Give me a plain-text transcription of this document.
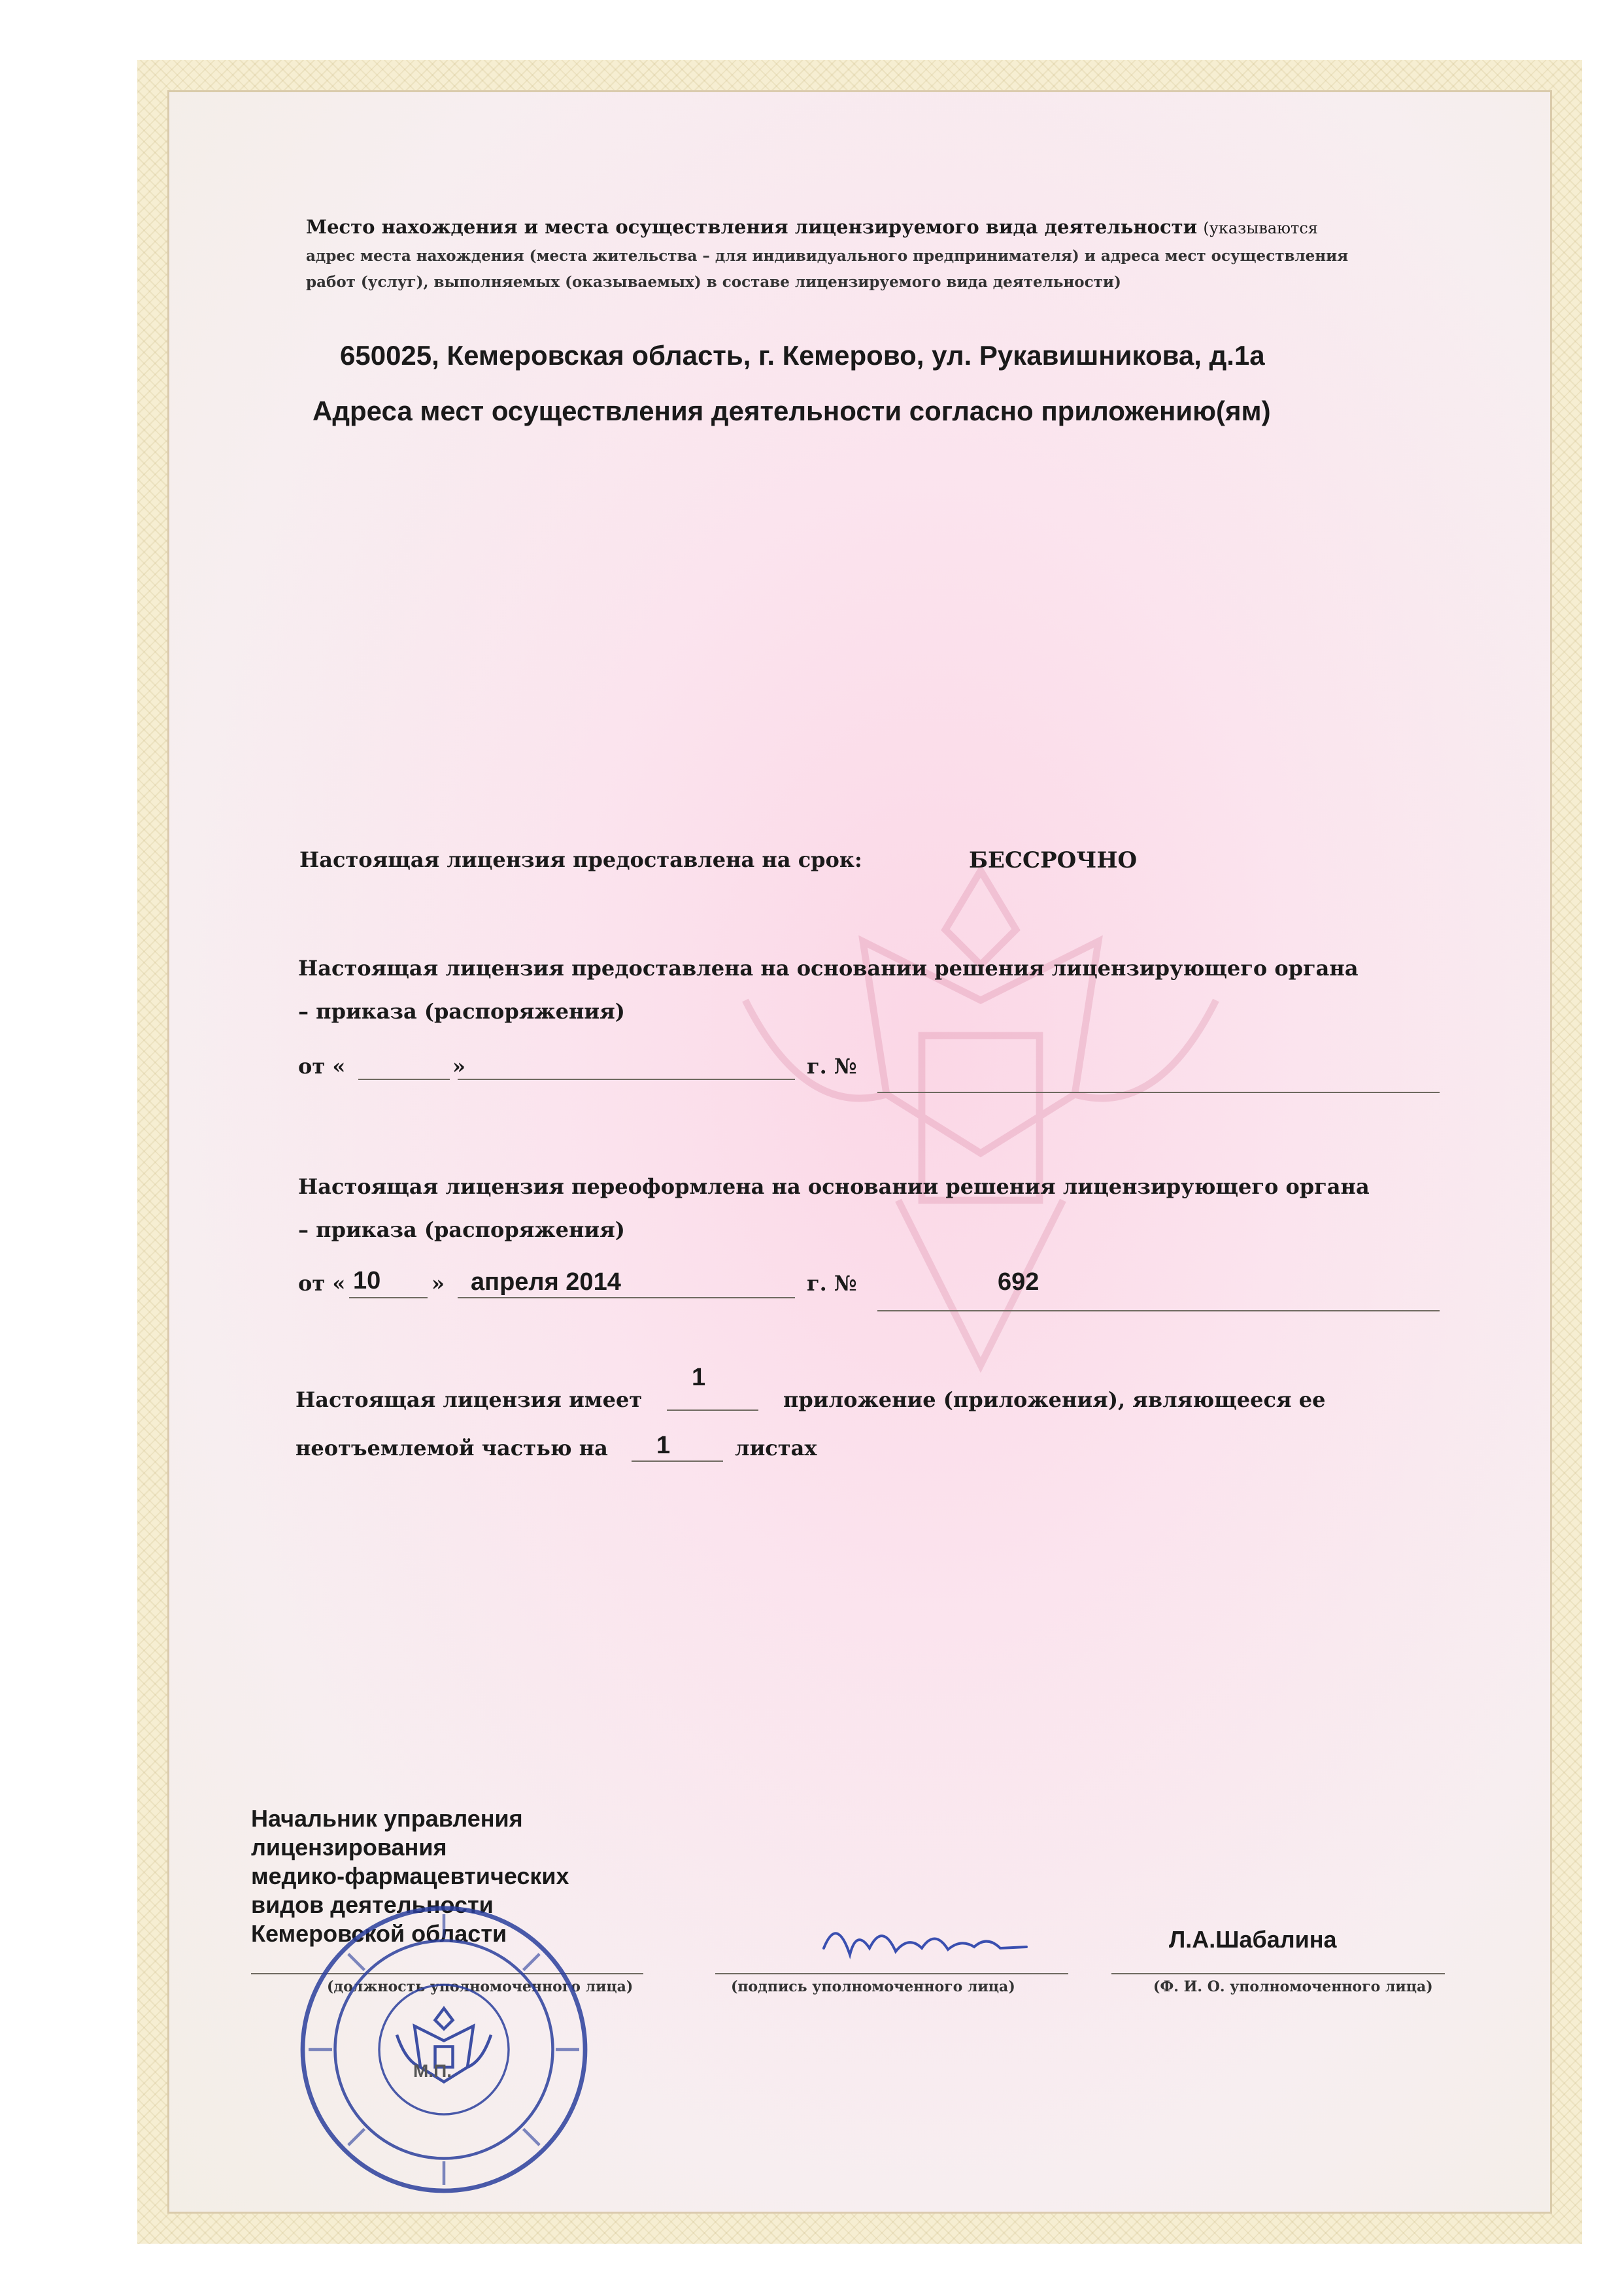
Место нахождения и места осуществления лицензируемого вида деятельности (указываются
адрес места нахождения (места жительства – для индивидуального предпринимателя) и адреса мест осуществления
работ (услуг), выполняемых (оказываемых) в составе лицензируемого вида деятельности)
650025, Кемеровская область, г. Кемерово, ул. Рукавишникова, д.1а
Адреса мест осуществления деятельности согласно приложению(ям)
Настоящая лицензия предоставлена на срок:	БЕССРОЧНО
Настоящая лицензия предоставлена на основании решения лицензирующего органа
– приказа (распоряжения)
от «	»	г. №
Настоящая лицензия переоформлена на основании решения лицензирующего органа
– приказа (распоряжения)
от « 10 » апреля 2014	г. №	692
Настоящая лицензия имеет
1
приложение (приложения), являющееся ее
неотъемлемой частью на 1	листах
Начальник управления
лицензирования
медико-фармацевтических
видов деятельности
Кемеровской области
(должность уполномоченного лица)	(подпись уполномоченного лица)
Л.А.Шабалина
(Ф. И. О. уполномоченного лица)
М.П.
